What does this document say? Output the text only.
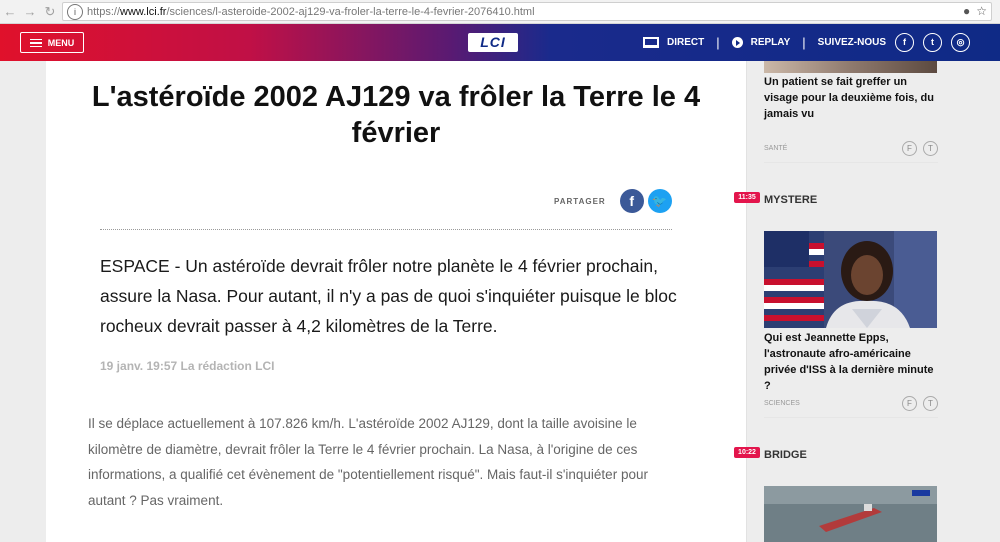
← → ↻	i	https:// www.lci.fr /sciences/l-asteroide-2002-aj129-va-froler-la-terre-le-4-fevrier-2076410.html	● ☆
MENU	LCI	DIRECT |	REPLAY | SUIVEZ-NOUS	f	t	◎
L'astéroïde 2002 AJ129 va frôler la Terre le 4 février
PARTAGER	f	🐦

ESPACE - Un astéroïde devrait frôler notre planète le 4 février prochain, assure la Nasa. Pour autant, il n'y a pas de quoi s'inquiéter puisque le bloc rocheux devrait passer à 4,2 kilomètres de la Terre.

19 janv. 19:57 La rédaction LCI

Il se déplace actuellement à 107.826 km/h. L'astéroïde 2002 AJ129, dont la taille avoisine le kilomètre de diamètre, devrait frôler la Terre le 4 février prochain. La Nasa, à l'origine de ces informations, a qualifié cet évènement de "potentiellement risqué". Mais faut-il s'inquiéter pour autant ? Pas vraiment.

Un patient se fait greffer un visage pour la deuxième fois, du jamais vu

SANTÉ	F	T
11:35 MYSTERE

Qui est Jeannette Epps, l'astronaute afro-américaine privée d'ISS à la dernière minute ?

SCIENCES	F	T
10:22 BRIDGE
